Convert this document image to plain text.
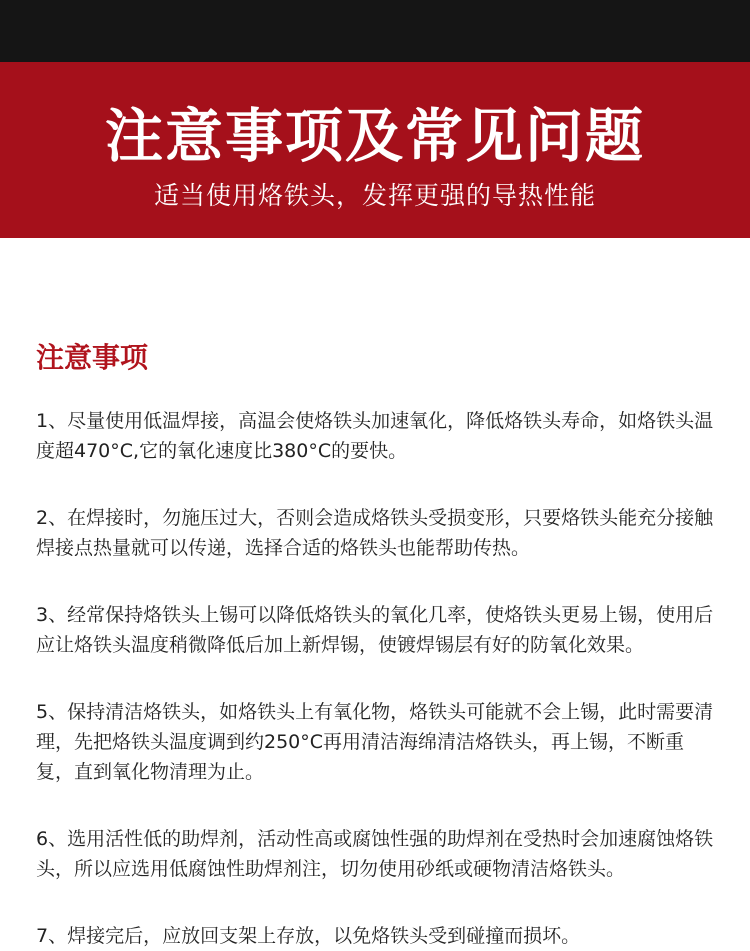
注意事项及常见问题
适当使用烙铁头，发挥更强的导热性能
注意事项

1、尽量使用低温焊接，高温会使烙铁头加速氧化，降低烙铁头寿命，如烙铁头温度超470°C,它的氧化速度比380°C的要快。

2、在焊接时，勿施压过大，否则会造成烙铁头受损变形，只要烙铁头能充分接触焊接点热量就可以传递，选择合适的烙铁头也能帮助传热。

3、经常保持烙铁头上锡可以降低烙铁头的氧化几率，使烙铁头更易上锡，使用后应让烙铁头温度稍微降低后加上新焊锡，使镀焊锡层有好的防氧化效果。

5、保持清洁烙铁头，如烙铁头上有氧化物，烙铁头可能就不会上锡，此时需要清理，先把烙铁头温度调到约250°C再用清洁海绵清洁烙铁头，再上锡，不断重复，直到氧化物清理为止。

6、选用活性低的助焊剂，活动性高或腐蚀性强的助焊剂在受热时会加速腐蚀烙铁头，所以应选用低腐蚀性助焊剂注，切勿使用砂纸或硬物清洁烙铁头。

7、焊接完后，应放回支架上存放，以免烙铁头受到碰撞而损坏。
